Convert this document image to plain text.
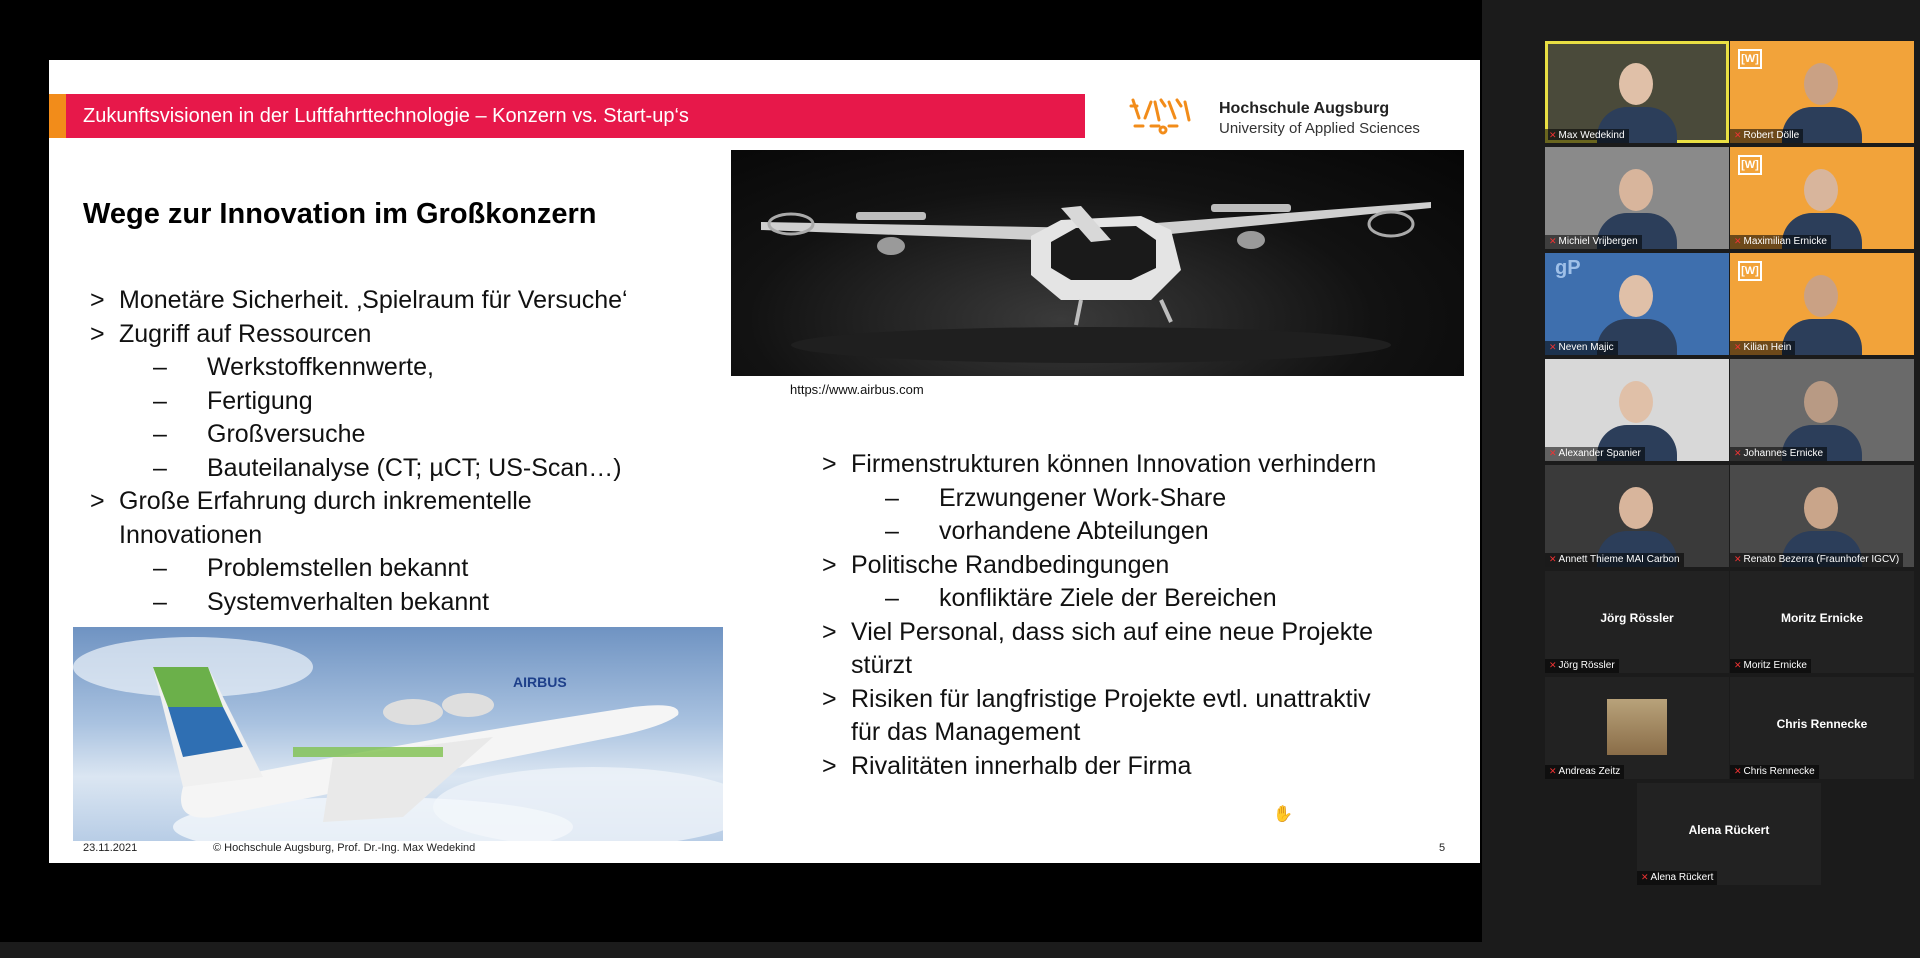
Zukunftsvisionen in der Luftfahrttechnologie – Konzern vs. Start-up‘s	Hochschule Augsburg
University of Applied Sciences
Wege zur Innovation im Großkonzern
> Monetäre Sicherheit. ‚Spielraum für Versuche‘
> Zugriff auf Ressourcen
– Werkstoffkennwerte,
– Fertigung
– Großversuche
– Bauteilanalyse (CT; µCT; US-Scan…)
> Große Erfahrung durch inkrementelle
Innovationen
– Problemstellen bekannt
– Systemverhalten bekannt
https://www.airbus.com
> Firmenstrukturen können Innovation verhindern
– Erzwungener Work-Share
– vorhandene Abteilungen
> Politische Randbedingungen
– konfliktäre Ziele der Bereichen
> Viel Personal, dass sich auf eine neue Projekte
stürzt
> Risiken für langfristige Projekte evtl. unattraktiv
für das Management
> Rivalitäten innerhalb der Firma
AIRBUS
23.11.2021	© Hochschule Augsburg, Prof. Dr.-Ing. Max Wedekind	5
✋
✕ Max Wedekind
[W]
✕ Robert Dölle
✕ Michiel Vrijbergen
[W]
✕ Maximilian Ernicke
gP
✕ Neven Majic
[W]
✕ Kilian Hein
✕ Alexander Spanier	✕ Johannes Ernicke
✕ Annett Thieme MAI Carbon	✕ Renato Bezerra (Fraunhofer IGCV)
Jörg Rössler
✕ Jörg Rössler
Moritz Ernicke
✕ Moritz Ernicke
✕ Andreas Zeitz
Chris Rennecke
✕ Chris Rennecke
Alena Rückert
✕ Alena Rückert
